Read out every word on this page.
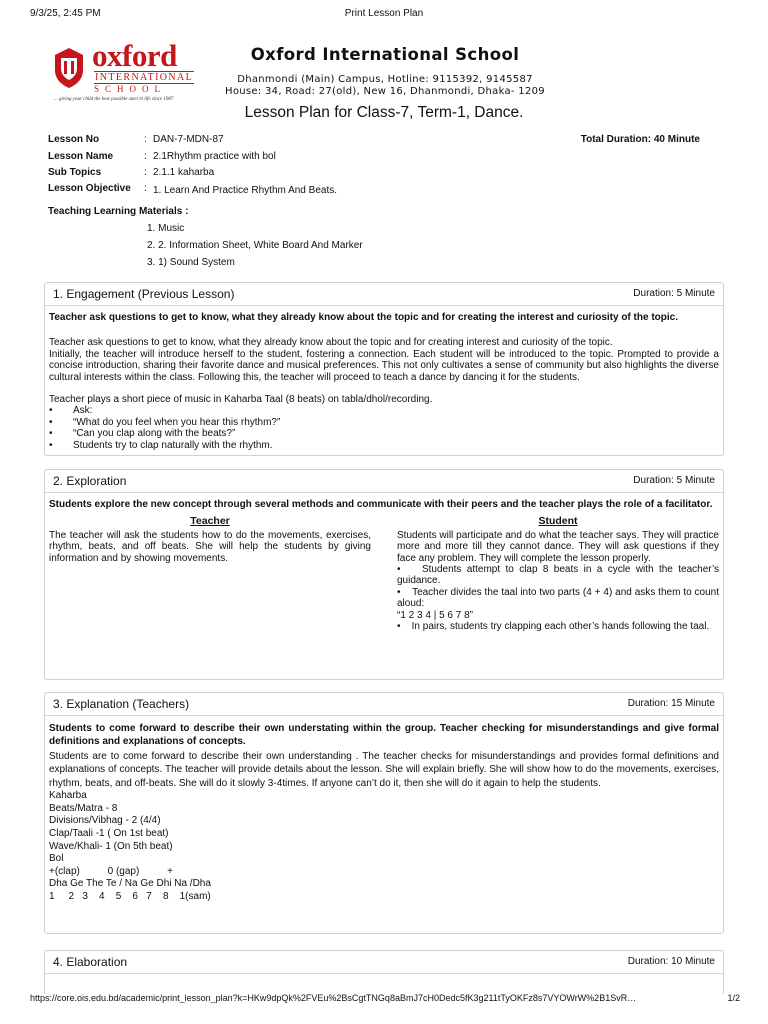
9/3/25, 2:45 PM	Print Lesson Plan
oxford
INTERNATIONAL
SCHOOL
... giving your child the best possible start in life since 1987
Oxford International School
Dhanmondi (Main) Campus, Hotline: 9115392, 9145587
House: 34, Road: 27(old), New 16, Dhanmondi, Dhaka- 1209
Lesson Plan for Class-7, Term-1, Dance.
Lesson No	: DAN-7-MDN-87	Total Duration: 40 Minute
Lesson Name	: 2.1Rhythm practice with bol
Sub Topics	: 2.1.1 kaharba
Lesson Objective : 1. Learn And Practice Rhythm And Beats.
Teaching Learning Materials :
1. Music
2. 2. Information Sheet, White Board And Marker
3. 1) Sound System
1. Engagement (Previous Lesson)	Duration: 5 Minute
Teacher ask questions to get to know, what they already know about the topic and for creating the interest and curiosity of the topic.
Teacher ask questions to get to know, what they already know about the topic and for creating interest and curiosity of the topic.
Initially, the teacher will introduce herself to the student, fostering a connection. Each student will be introduced to the topic. Prompted to provide a concise introduction, sharing their favorite dance and musical preferences. This not only cultivates a sense of community but also highlights the diverse cultural interests within the class. Following this, the teacher will proceed to teach a dance by dancing it for the students.
Teacher plays a short piece of music in Kaharba Taal (8 beats) on tabla/dhol/recording.
•	Ask:
•	“What do you feel when you hear this rhythm?”
•	“Can you clap along with the beats?”
•	Students try to clap naturally with the rhythm.
2. Exploration	Duration: 5 Minute
Students explore the new concept through several methods and communicate with their peers and the teacher plays the role of a facilitator.
Teacher
The teacher will ask the students how to do the movements, exercises, rhythm, beats, and off beats. She will help the students by giving information and by showing movements.
Student
Students will participate and do what the teacher says. They will practice more and more till they cannot dance. They will ask questions if they face any problem. They will complete the lesson properly.
• Students attempt to clap 8 beats in a cycle with the teacher’s guidance.
• Teacher divides the taal into two parts (4 + 4) and asks them to count aloud:
“1 2 3 4 | 5 6 7 8”
• In pairs, students try clapping each other’s hands following the taal.
3. Explanation (Teachers)	Duration: 15 Minute
Students to come forward to describe their own understating within the group. Teacher checking for misunderstandings and give formal definitions and explanations of concepts.
Students are to come forward to describe their own understanding . The teacher checks for misunderstandings and provides formal definitions and explanations of concepts. The teacher will provide details about the lesson. She will explain briefly. She will show how to do the movements, exercises, rhythm, beats, and off-beats. She will do it slowly 3-4times. If anyone can’t do it, then she will do it again to help the students.
Kaharba
Beats/Matra - 8
Divisions/Vibhag - 2 (4/4)
Clap/Taali -1 ( On 1st beat)
Wave/Khali- 1 (On 5th beat)
Bol
+(clap)          0 (gap)          +
Dha Ge The Te / Na Ge Dhi Na /Dha
1     2   3    4    5    6   7    8    1(sam)
4. Elaboration	Duration: 10 Minute
https://core.ois.edu.bd/academic/print_lesson_plan?k=HKw9dpQk%2FVEu%2BsCgtTNGq8aBmJ7cH0Dedc5fK3g211tTyOKFz8s7VYOWrW%2B1SvR…	1/2
